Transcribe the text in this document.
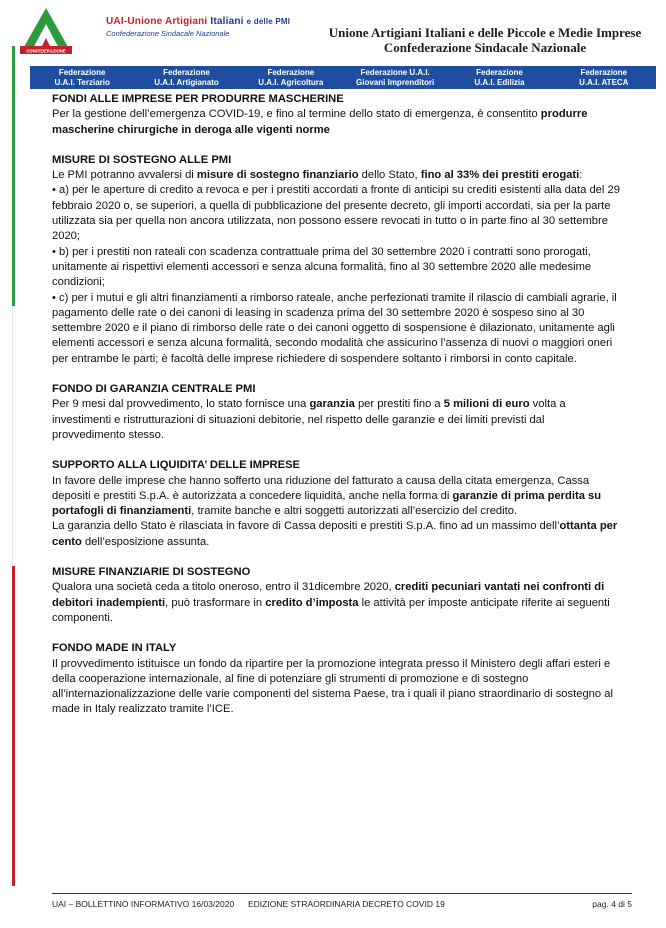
CONFEDERAZIONE
UAI-Unione Artigiani Italiani e delle PMI
Confederazione Sindacale Nazionale	Unione Artigiani Italiani e delle Piccole e Medie Imprese
Confederazione Sindacale Nazionale
Federazione
U.A.I. Terziario
Federazione
U.A.I. Artigianato
Federazione
U.A.I. Agricoltura
Federazione U.A.I.
Giovani Imprenditori
Federazione
U.A.I. Edilizia
Federazione
U.A.I. ATECA
FONDI ALLE IMPRESE PER PRODURRE MASCHERINE

Per la gestione dell’emergenza COVID-19, e fino al termine dello stato di emergenza, è consentito produrre mascherine chirurgiche in deroga alle vigenti norme

MISURE DI SOSTEGNO ALLE PMI

Le PMI potranno avvalersi di misure di sostegno finanziario dello Stato, fino al 33% dei prestiti erogati:

• a) per le aperture di credito a revoca e per i prestiti accordati a fronte di anticipi su crediti esistenti alla data del 29 febbraio 2020 o, se superiori, a quella di pubblicazione del presente decreto, gli importi accordati, sia per la parte utilizzata sia per quella non ancora utilizzata, non possono essere revocati in tutto o in parte fino al 30 settembre 2020;

• b) per i prestiti non rateali con scadenza contrattuale prima del 30 settembre 2020 i contratti sono prorogati, unitamente ai rispettivi elementi accessori e senza alcuna formalità, fino al 30 settembre 2020 alle medesime condizioni;

• c) per i mutui e gli altri finanziamenti a rimborso rateale, anche perfezionati tramite il rilascio di cambiali agrarie, il pagamento delle rate o dei canoni di leasing in scadenza prima del 30 settembre 2020 è sospeso sino al 30 settembre 2020 e il piano di rimborso delle rate o dei canoni oggetto di sospensione è dilazionato, unitamente agli elementi accessori e senza alcuna formalità, secondo modalità che assicurino l’assenza di nuovi o maggiori oneri per entrambe le parti; è facoltà delle imprese richiedere di sospendere soltanto i rimborsi in conto capitale.

FONDO DI GARANZIA CENTRALE PMI

Per 9 mesi dal provvedimento, lo stato fornisce una garanzia per prestiti fino a 5 milioni di euro volta a investimenti e ristrutturazioni di situazioni debitorie, nel rispetto delle garanzie e dei limiti previsti dal provvedimento stesso.

SUPPORTO ALLA LIQUIDITA’ DELLE IMPRESE

In favore delle imprese che hanno sofferto una riduzione del fatturato a causa della citata emergenza, Cassa depositi e prestiti S.p.A. è autorizzata a concedere liquidità, anche nella forma di garanzie di prima perdita su portafogli di finanziamenti, tramite banche e altri soggetti autorizzati all’esercizio del credito.

La garanzia dello Stato è rilasciata in favore di Cassa depositi e prestiti S.p.A. fino ad un massimo dell’ottanta per cento dell’esposizione assunta.

MISURE FINANZIARIE DI SOSTEGNO

Qualora una società ceda a titolo oneroso, entro il 31dicembre 2020, crediti pecuniari vantati nei confronti di debitori inadempienti, può trasformare in credito d’imposta le attività per imposte anticipate riferite ai seguenti componenti.

FONDO MADE IN ITALY

Il provvedimento istituisce un fondo da ripartire per la promozione integrata presso il Ministero degli affari esteri e della cooperazione internazionale, al fine di potenziare gli strumenti di promozione e di sostegno all’internazionalizzazione delle varie componenti del sistema Paese, tra i quali il piano straordinario di sostegno al made in Italy realizzato tramite l’ICE.

UAI – BOLLETTINO INFORMATIVO 16/03/2020 EDIZIONE STRAORDINARIA DECRETO COVID 19	pag. 4 di 5
